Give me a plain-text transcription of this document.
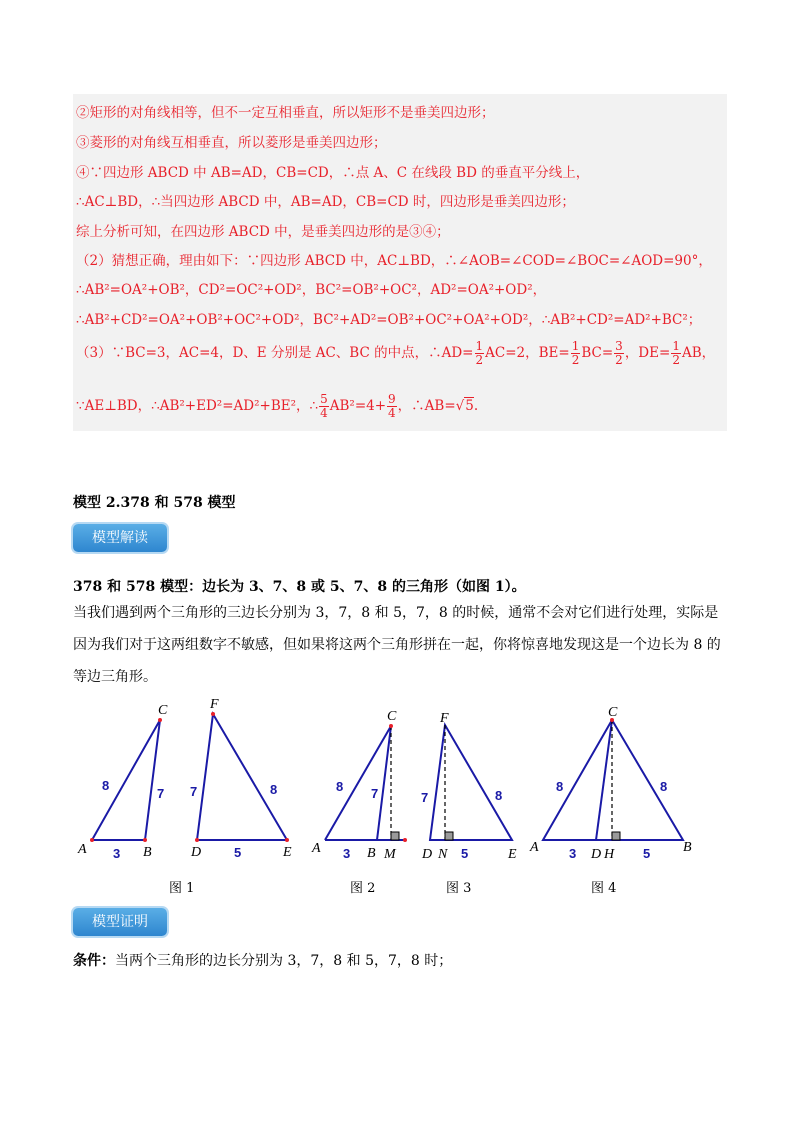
②矩形的对角线相等，但不一定互相垂直，所以矩形不是垂美四边形；
③菱形的对角线互相垂直，所以菱形是垂美四边形；
④∵四边形 ABCD 中 AB=AD，CB=CD，∴点 A、C 在线段 BD 的垂直平分线上，
∴AC⊥BD，∴当四边形 ABCD 中，AB=AD，CB=CD 时，四边形是垂美四边形；
综上分析可知，在四边形 ABCD 中，是垂美四边形的是③④；
（2）猜想正确，理由如下：∵四边形 ABCD 中，AC⊥BD，∴∠AOB=∠COD=∠BOC=∠AOD=90°，
∴AB²=OA²+OB²，CD²=OC²+OD²，BC²=OB²+OC²，AD²=OA²+OD²，
∴AB²+CD²=OA²+OB²+OC²+OD²，BC²+AD²=OB²+OC²+OA²+OD²，∴AB²+CD²=AD²+BC²；
（3）∵BC=3，AC=4，D、E 分别是 AC、BC 的中点，∴AD= $\frac{1}{2} AC=2$，$BE= \frac{1}{2} BC= \frac{3}{2}$ ，$DE= \frac{1}{2}$ AB，
∵AE⊥BD，∴AB²+ED²=AD²+BE²，∴ $\frac{5}{4} AB^2=4+ \frac{9}{4}$ ，∴AB=√5.
模型 2.378 和 578 模型
模型解读
378 和 578 模型：边长为 3、7、8 或 5、7、8 的三角形（如图 1）。
当我们遇到两个三角形的三边长分别为 3，7，8 和 5，7，8 的时候，通常不会对它们进行处理，实际是因为我们对于这两组数字不敏感，但如果将这两个三角形拼在一起，你将惊喜地发现这是一个边长为 8 的等边三角形。
A	B
C
D	E
F
8
7
3
7	8
5	A	B
C
M
8 7
3	D N	E
F
7	8
5	A	D H	B
C
8	8
3	5
图 1	图 2	图 3	图 4
模型证明
条件：当两个三角形的边长分别为 3，7，8 和 5，7，8 时；
